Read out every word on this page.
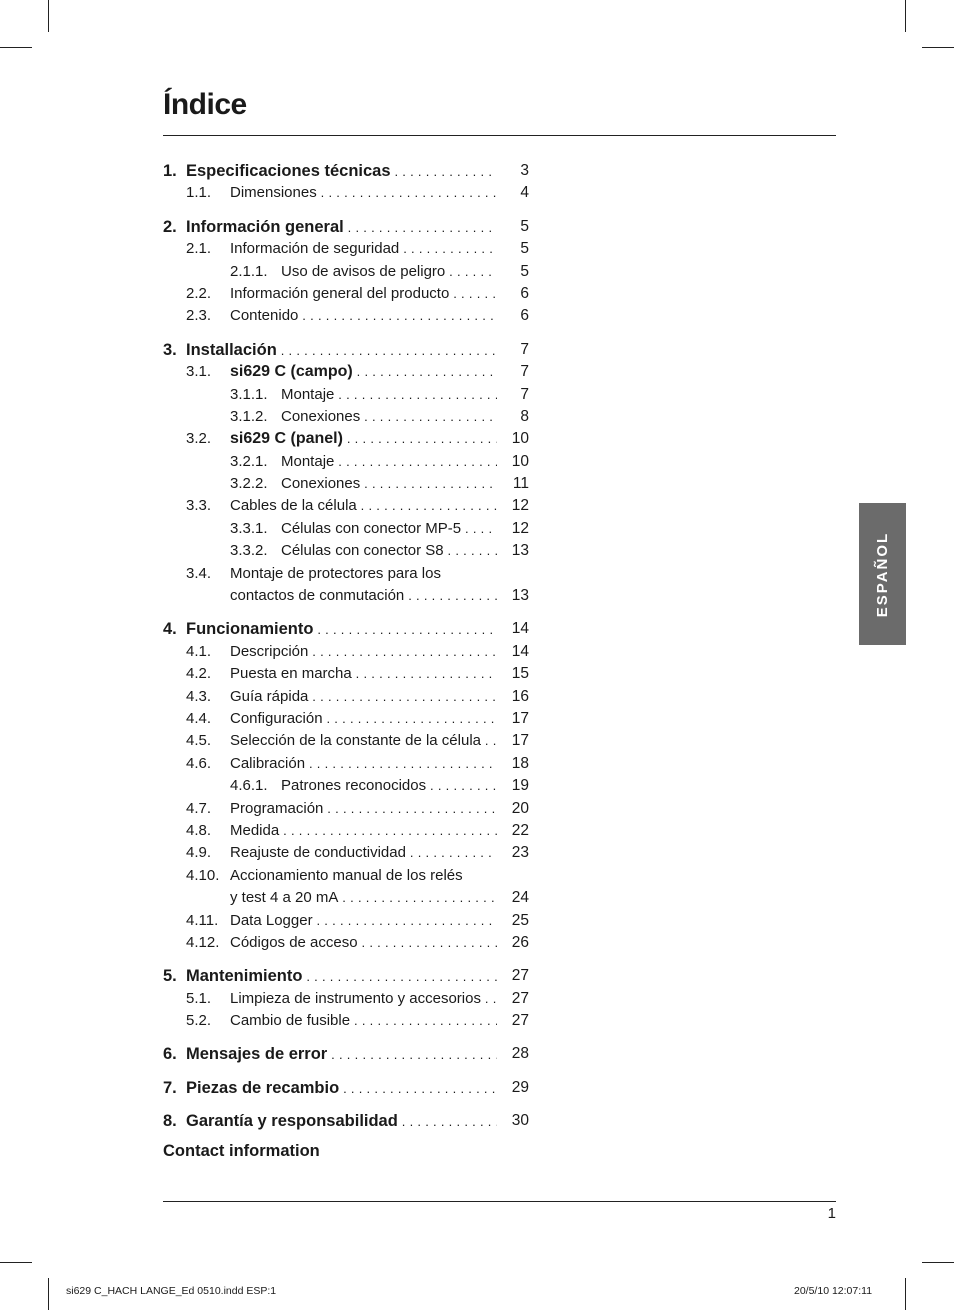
Índice
1. Especificaciones técnicas . . .	3
1.1. Dimensiones . . .	4
2. Información general . . .	5
2.1. Información de seguridad . . .	5
2.1.1. Uso de avisos de peligro . . .	5
2.2. Información general del producto . . .	6
2.3. Contenido . . .	6
3. Installación . . .	7
3.1. si629 C (campo) . . .	7
3.1.1. Montaje . . .	7
3.1.2. Conexiones . . .	8
3.2. si629 C (panel) . . .	10
3.2.1. Montaje . . .	10
3.2.2. Conexiones . . .	11
3.3. Cables de la célula . . .	12
3.3.1. Células con conector MP-5 . . .	12
3.3.2. Células con conector S8 . . .	13
3.4. Montaje de protectores para los
contactos de conmutación . . .	13
4. Funcionamiento . . .	14
4.1. Descripción . . .	14
4.2. Puesta en marcha . . .	15
4.3. Guía rápida . . .	16
4.4. Configuración . . .	17
4.5. Selección de la constante de la célula . . .	17
4.6. Calibración . . .	18
4.6.1. Patrones reconocidos . . .	19
4.7. Programación . . .	20
4.8. Medida . . .	22
4.9. Reajuste de conductividad . . .	23
4.10. Accionamiento manual de los relés
y test 4 a 20 mA . . .	24
4.11. Data Logger . . .	25
4.12. Códigos de acceso . . .	26
5. Mantenimiento . . .	27
5.1. Limpieza de instrumento y accesorios . . .	27
5.2. Cambio de fusible . . .	27
6. Mensajes de error . . .	28
7. Piezas de recambio . . .	29
8. Garantía y responsabilidad . . .	30

Contact information

ESPAÑOL
1
si629 C_HACH LANGE_Ed 0510.indd ESP:1	20/5/10 12:07:11
